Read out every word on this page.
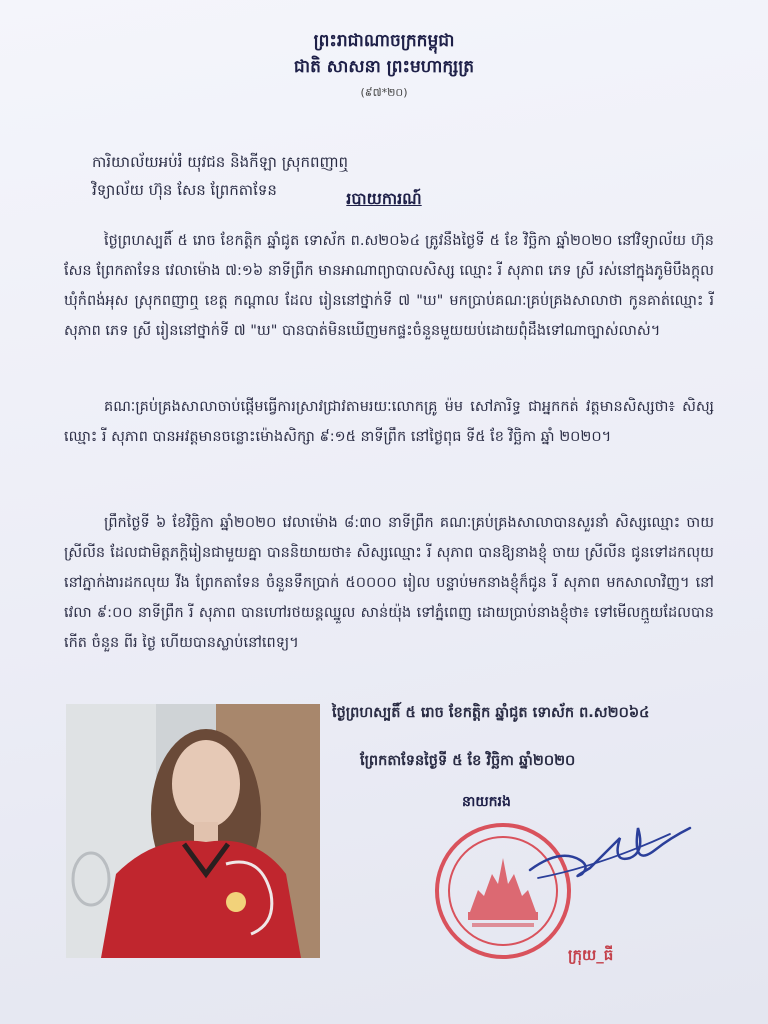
ព្រះរាជាណាចក្រកម្ពុជា
ជាតិ សាសនា ព្រះមហាក្សត្រ
(៩៧*២០)
ការិយាល័យអប់រំ យុវជន និងកីឡា ស្រុកពញាឮ
វិទ្យាល័យ ហ៊ុន សែន ព្រែកតាទែន	របាយការណ៍
ថ្ងៃព្រហស្បតិ៍ ៥ រោច ខែកត្តិក ឆ្នាំជូត ទោស័ក ព.ស២០៦៤ ត្រូវនឹងថ្ងៃទី ៥ ខែ វិច្ឆិកា ឆ្នាំ២០២០ នៅវិទ្យាល័យ ហ៊ុន សែន ព្រែកតាទែន វេលាម៉ោង ៧:១៦ នាទីព្រឹក មានអាណាព្យាបាលសិស្ស ឈ្មោះ រី សុភាព ភេទ ស្រី រស់នៅក្នុងភូមិបឹងក្ដុល ឃុំកំពង់អុស ស្រុកពញាឮ ខេត្ត កណ្ដាល ដែល រៀននៅថ្នាក់ទី ៧ "ឃ" មកប្រាប់គណៈគ្រប់គ្រងសាលាថា កូនគាត់ឈ្មោះ រី សុភាព ភេទ ស្រី រៀននៅថ្នាក់ទី ៧ "ឃ" បានបាត់មិនឃើញមកផ្ទះចំនួនមួយយប់ដោយពុំដឹងទៅណាច្បាស់លាស់។
គណៈគ្រប់គ្រងសាលាចាប់ផ្ដើមធ្វើការស្រាវជ្រាវតាមរយៈលោកគ្រូ ម៉ម សៅភារិទ្ធ ជាអ្នកកត់ វត្តមានសិស្សថា៖ សិស្សឈ្មោះ រី សុភាព បានអវត្តមានចន្លោះម៉ោងសិក្សា ៩:១៥ នាទីព្រឹក នៅថ្ងៃពុធ ទី៥ ខែ វិច្ឆិកា ឆ្នាំ ២០២០។
ព្រឹកថ្ងៃទី ៦ ខែវិច្ឆិកា ឆ្នាំ២០២០ វេលាម៉ោង ៨:៣០ នាទីព្រឹក គណៈគ្រប់គ្រងសាលាបានសួរនាំ សិស្សឈ្មោះ ចាយ ស្រីលីន ដែលជាមិត្តភក្តិរៀនជាមួយគ្នា បាននិយាយថា៖ សិស្សឈ្មោះ រី សុភាព បានឱ្យនាងខ្ញុំ ចាយ ស្រីលីន ជូនទៅដកលុយនៅភ្នាក់ងារដកលុយ វីង ព្រែកតាទែន ចំនួនទឹកប្រាក់ ៥០០០០ រៀល បន្ទាប់មកនាងខ្ញុំក៏ជូន រី សុភាព មកសាលាវិញ។ នៅវេលា ៩:០០ នាទីព្រឹក រី សុភាព បានហៅរថយន្តឈ្នួល សាន់យ៉ុង ទៅភ្នំពេញ ដោយប្រាប់នាងខ្ញុំថា៖ ទៅមើលក្មួយដែលបានកើត ចំនួន ពីរ ថ្ងៃ ហើយបានស្លាប់នៅពេទ្យ។
ថ្ងៃព្រហស្បតិ៍ ៥ រោច ខែកត្តិក ឆ្នាំជូត ទោស័ក ព.ស២០៦៤
ព្រែកតាទែនថ្ងៃទី ៥ ខែ វិច្ឆិកា ឆ្នាំ២០២០
នាយករង
ក្រុយ_ធី
